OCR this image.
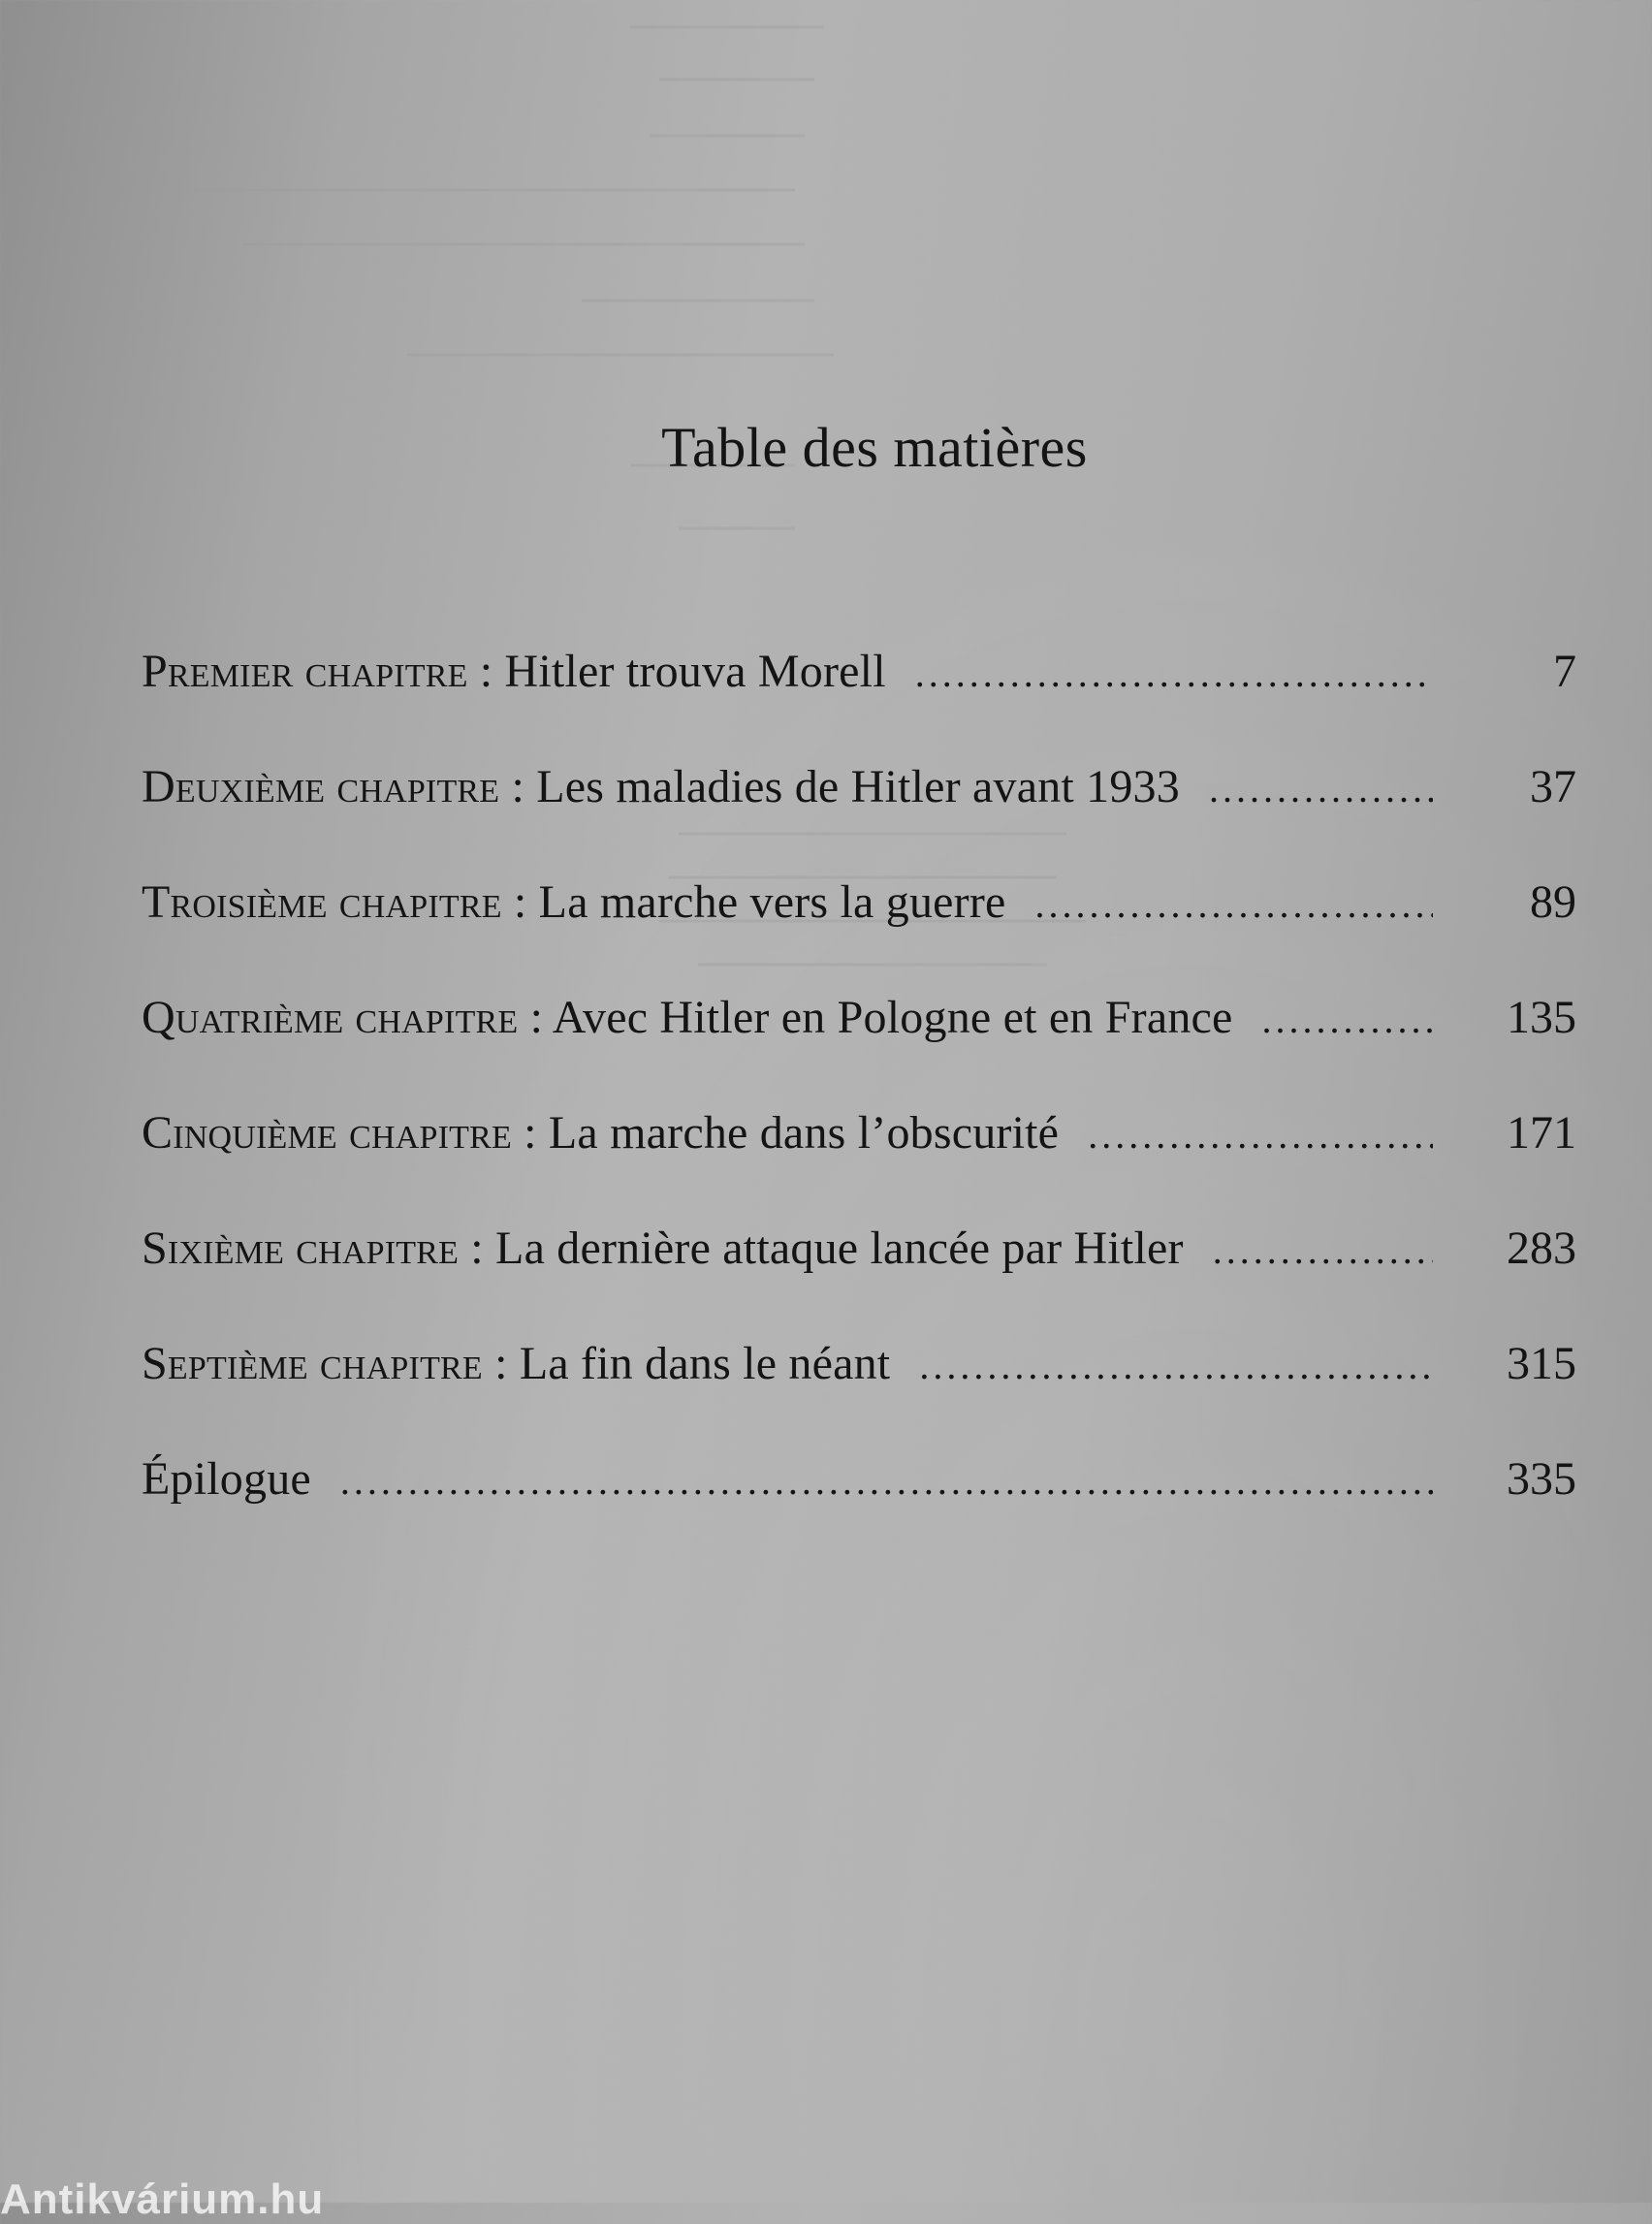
Table des matières
Premier chapitre : Hitler trouva Morell .....	7
Deuxième chapitre : Les maladies de Hitler avant 1933 .....	37
Troisième chapitre : La marche vers la guerre .....	89
Quatrième chapitre : Avec Hitler en Pologne et en France .....	135
Cinquième chapitre : La marche dans l’obscurité .....	171
Sixième chapitre : La dernière attaque lancée par Hitler .....	283
Septième chapitre : La fin dans le néant .....	315
Épilogue .....	335
Antikvárium.hu
